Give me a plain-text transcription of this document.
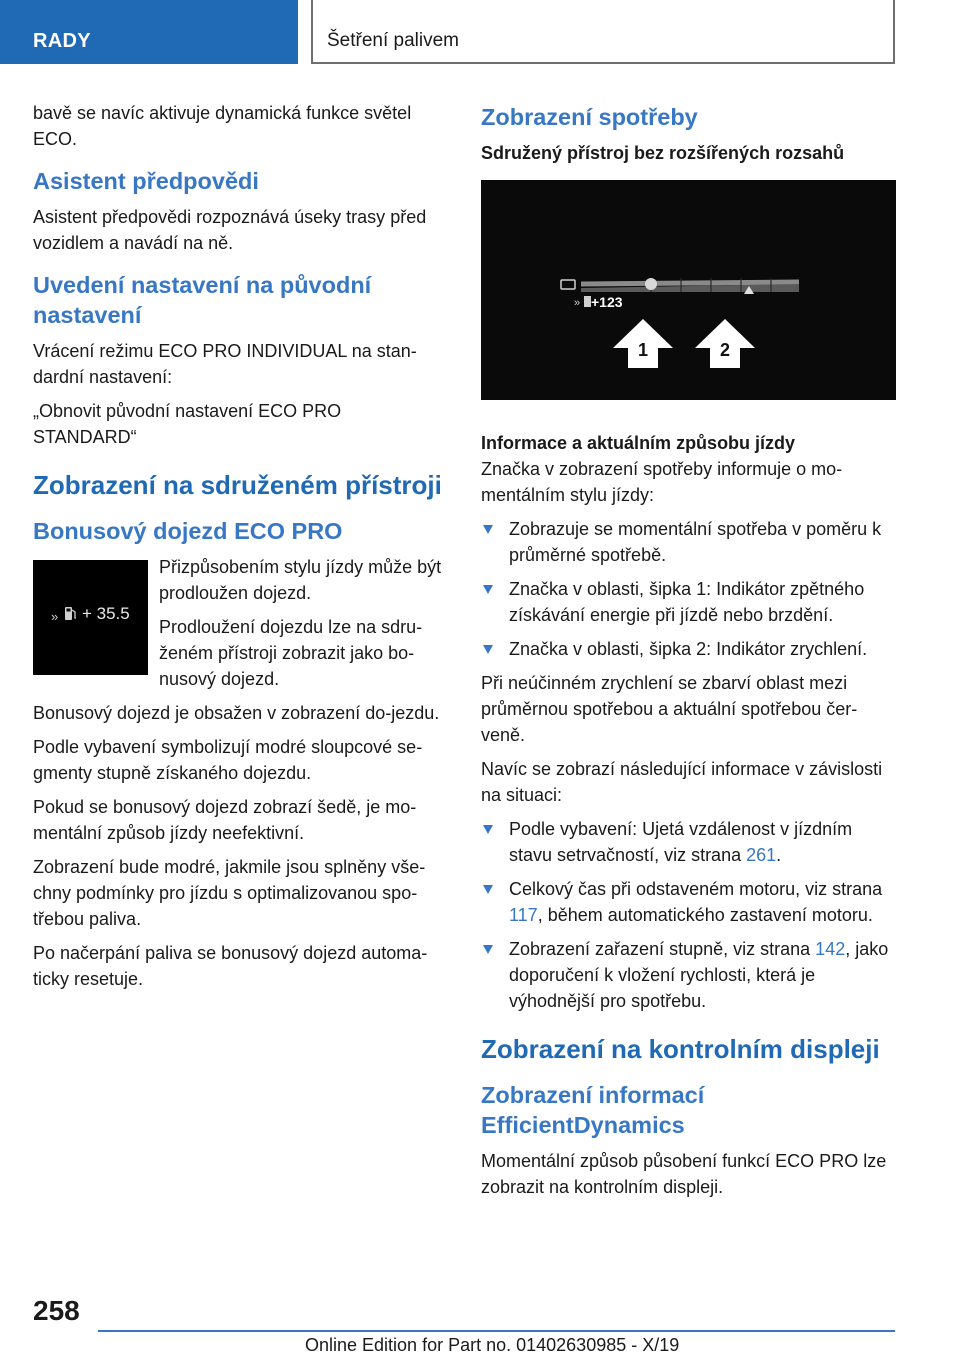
RADY	Šetření palivem

bavě se navíc aktivuje dynamická funkce světel ECO.

Asistent předpovědi

Asistent předpovědi rozpoznává úseky trasy před vozidlem a navádí na ně.

Uvedení nastavení na původní nastavení

Vrácení režimu ECO PRO INDIVIDUAL na stan-dardní nastavení:

„Obnovit původní nastavení ECO PRO STANDARD“

Zobrazení na sdruženém přístroji
Bonusový dojezd ECO PRO
» + 35.5

Přizpůsobením stylu jízdy může být prodloužen dojezd.

Prodloužení dojezdu lze na sdru-ženém přístroji zobrazit jako bo-nusový dojezd.

Bonusový dojezd je obsažen v zobrazení do-jezdu.

Podle vybavení symbolizují modré sloupcové se-gmenty stupně získaného dojezdu.

Pokud se bonusový dojezd zobrazí šedě, je mo-mentální způsob jízdy neefektivní.

Zobrazení bude modré, jakmile jsou splněny vše-chny podmínky pro jízdu s optimalizovanou spo-třebou paliva.

Po načerpání paliva se bonusový dojezd automa-ticky resetuje.

Zobrazení spotřeby

Sdružený přístroj bez rozšířených rozsahů

» +123
1	2

Informace a aktuálním způsobu jízdy

Značka v zobrazení spotřeby informuje o mo-mentálním stylu jízdy:

Zobrazuje se momentální spotřeba v poměru k průměrné spotřebě.
Značka v oblasti, šipka 1: Indikátor zpětného získávání energie při jízdě nebo brzdění.
Značka v oblasti, šipka 2: Indikátor zrychlení.

Při neúčinném zrychlení se zbarví oblast mezi průměrnou spotřebou a aktuální spotřebou čer-veně.

Navíc se zobrazí následující informace v závislosti na situaci:

Podle vybavení: Ujetá vzdálenost v jízdním stavu setrvačností, viz strana 261.
Celkový čas při odstaveném motoru, viz strana 117, během automatického zastavení motoru.
Zobrazení zařazení stupně, viz strana 142, jako doporučení k vložení rychlosti, která je výhodnější pro spotřebu.
Zobrazení na kontrolním displeji
Zobrazení informací EfficientDynamics

Momentální způsob působení funkcí ECO PRO lze zobrazit na kontrolním displeji.

258
Online Edition for Part no. 01402630985 - X/19
